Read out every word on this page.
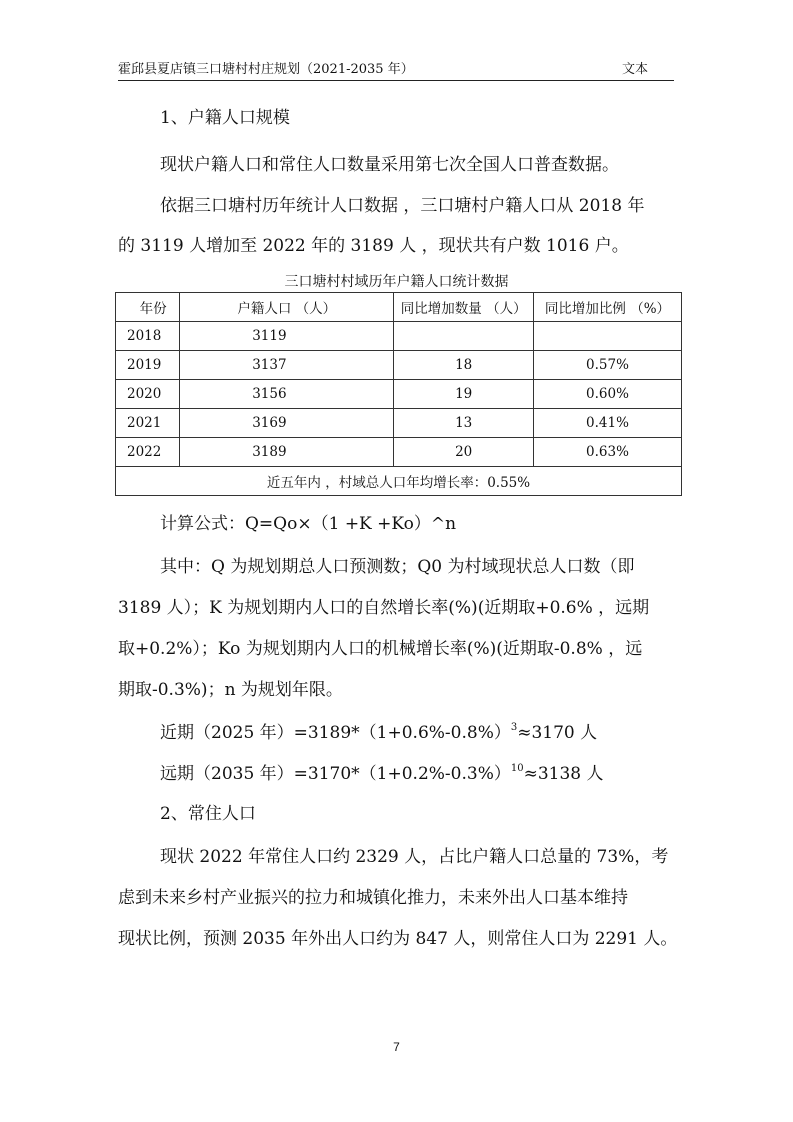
霍邱县夏店镇三口塘村村庄规划（2021-2035 年）	文本
1、户籍人口规模
现状户籍人口和常住人口数量采用第七次全国人口普查数据。
依据三口塘村历年统计人口数据 ，三口塘村户籍人口从 2018 年
的 3119 人增加至 2022 年的 3189 人 ，现状共有户数 1016 户。
三口塘村村域历年户籍人口统计数据
年份	户籍人口 （人）	同比增加数量 （人）	同比增加比例 （%）
2018	3119		
2019	3137	18	0.57%
2020	3156	19	0.60%
2021	3169	13	0.41%
2022	3189	20	0.63%
近五年内 ，村域总人口年均增长率：0.55%			
计算公式：Q=Qo×（1 +K +Ko）^n
其中：Q 为规划期总人口预测数；Q0 为村域现状总人口数（即
3189 人）；K 为规划期内人口的自然增长率(%)(近期取+0.6% ，远期
取+0.2%）；Ko 为规划期内人口的机械增长率(%)(近期取-0.8% ，远
期取-0.3%)；n 为规划年限。
近期（2025 年）$=3189*(1+0.6\%-0.8\%)^3\approx 3170$ 人
远期（2035 年）$=3170*(1+0.2\%-0.3\%)^{10}\approx 3138$ 人
2、常住人口
现状 2022 年常住人口约 2329 人，占比户籍人口总量的 73%，考
虑到未来乡村产业振兴的拉力和城镇化推力，未来外出人口基本维持
现状比例，预测 2035 年外出人口约为 847 人，则常住人口为 2291 人。
7
